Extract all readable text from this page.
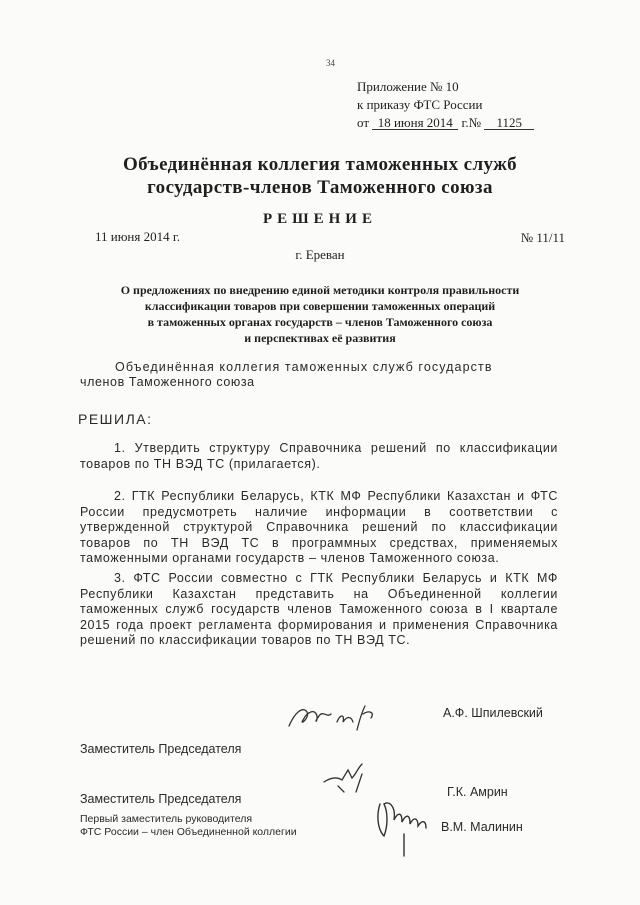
34
Приложение № 10
к приказу ФТС России
от 18 июня 2014 г.№ 1125
Объединённая коллегия таможенных служб
государств-членов Таможенного союза
РЕШЕНИЕ
11 июня 2014 г.	№ 11/11
г. Ереван
О предложениях по внедрению единой методики контроля правильности
классификации товаров при совершении таможенных операций
в таможенных органах государств – членов Таможенного союза
и перспективах её развития
Объединённая коллегия таможенных служб государств
членов Таможенного союза
РЕШИЛА:
1. Утвердить структуру Справочника решений по классификации товаров по ТН ВЭД ТС (прилагается).
2. ГТК Республики Беларусь, КТК МФ Республики Казахстан и ФТС России предусмотреть наличие информации в соответствии с утвержденной структурой Справочника решений по классификации товаров по ТН ВЭД ТС в программных средствах, применяемых таможенными органами государств – членов Таможенного союза.
3. ФТС России совместно с ГТК Республики Беларусь и КТК МФ Республики Казахстан представить на Объединенной коллегии таможенных служб государств членов Таможенного союза в I квартале 2015 года проект регламента формирования и применения Справочника решений по классификации товаров по ТН ВЭД ТС.
Заместитель Председателя
А.Ф. Шпилевский
Заместитель Председателя	Г.К. Амрин
Первый заместитель руководителя
ФТС России – член Объединенной коллегии	В.М. Малинин
